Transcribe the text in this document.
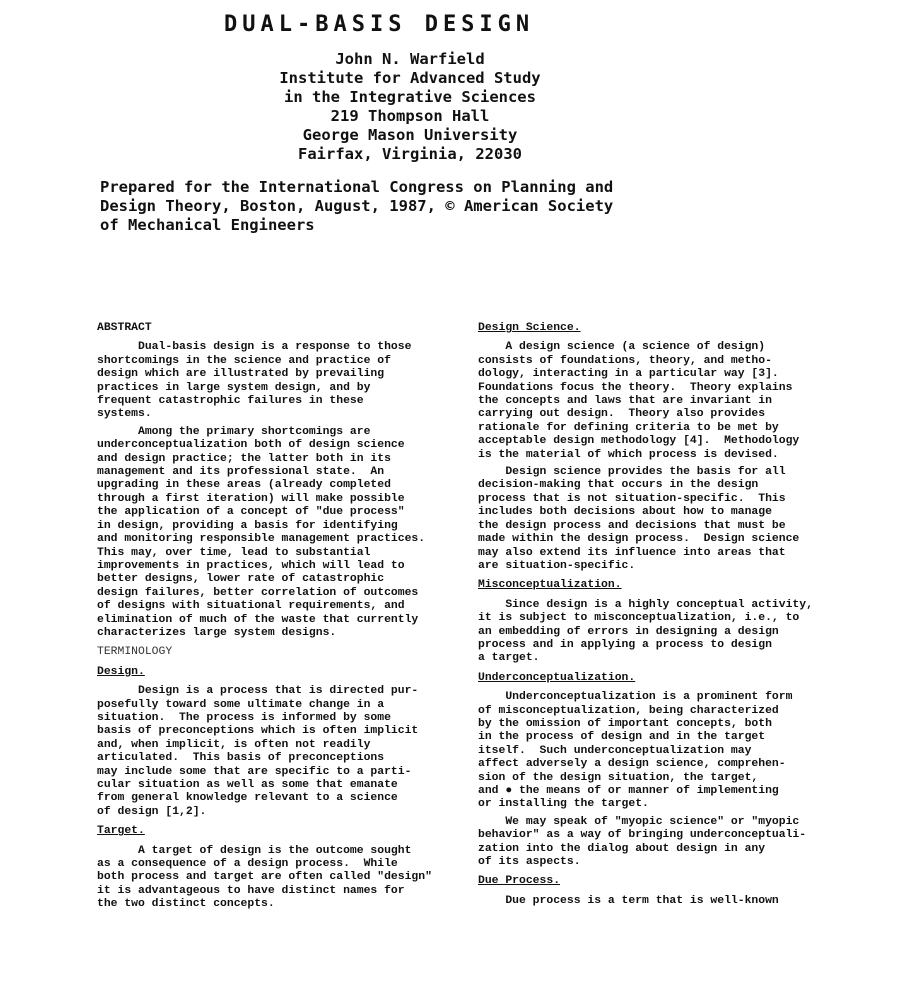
DUAL-BASIS DESIGN
John N. Warfield
Institute for Advanced Study
in the Integrative Sciences
219 Thompson Hall
George Mason University
Fairfax, Virginia, 22030
Prepared for the International Congress on Planning and
Design Theory, Boston, August, 1987, © American Society
of Mechanical Engineers
ABSTRACT

Dual-basis design is a response to those

shortcomings in the science and practice of

design which are illustrated by prevailing

practices in large system design, and by

frequent catastrophic failures in these

systems.

Among the primary shortcomings are

underconceptualization both of design science

and design practice; the latter both in its

management and its professional state.  An

upgrading in these areas (already completed

through a first iteration) will make possible

the application of a concept of "due process"

in design, providing a basis for identifying

and monitoring responsible management practices.

This may, over time, lead to substantial

improvements in practices, which will lead to

better designs, lower rate of catastrophic

design failures, better correlation of outcomes

of designs with situational requirements, and

elimination of much of the waste that currently

characterizes large system designs.

TERMINOLOGY
Design.

Design is a process that is directed pur-

posefully toward some ultimate change in a

situation.  The process is informed by some

basis of preconceptions which is often implicit

and, when implicit, is often not readily

articulated.  This basis of preconceptions

may include some that are specific to a parti-

cular situation as well as some that emanate

from general knowledge relevant to a science

of design [1,2].

Target.

A target of design is the outcome sought

as a consequence of a design process.  While

both process and target are often called "design"

it is advantageous to have distinct names for

the two distinct concepts.

Design Science.

A design science (a science of design)

consists of foundations, theory, and metho-

dology, interacting in a particular way [3].

Foundations focus the theory.  Theory explains

the concepts and laws that are invariant in

carrying out design.  Theory also provides

rationale for defining criteria to be met by

acceptable design methodology [4].  Methodology

is the material of which process is devised.

Design science provides the basis for all

decision-making that occurs in the design

process that is not situation-specific.  This

includes both decisions about how to manage

the design process and decisions that must be

made within the design process.  Design science

may also extend its influence into areas that

are situation-specific.

Misconceptualization.

Since design is a highly conceptual activity,

it is subject to misconceptualization, i.e., to

an embedding of errors in designing a design

process and in applying a process to design

a target.

Underconceptualization.

Underconceptualization is a prominent form

of misconceptualization, being characterized

by the omission of important concepts, both

in the process of design and in the target

itself.  Such underconceptualization may

affect adversely a design science, comprehen-

sion of the design situation, the target,

and ● the means of or manner of implementing

or installing the target.

We may speak of "myopic science" or "myopic

behavior" as a way of bringing underconceptuali-

zation into the dialog about design in any

of its aspects.

Due Process.

Due process is a term that is well-known
